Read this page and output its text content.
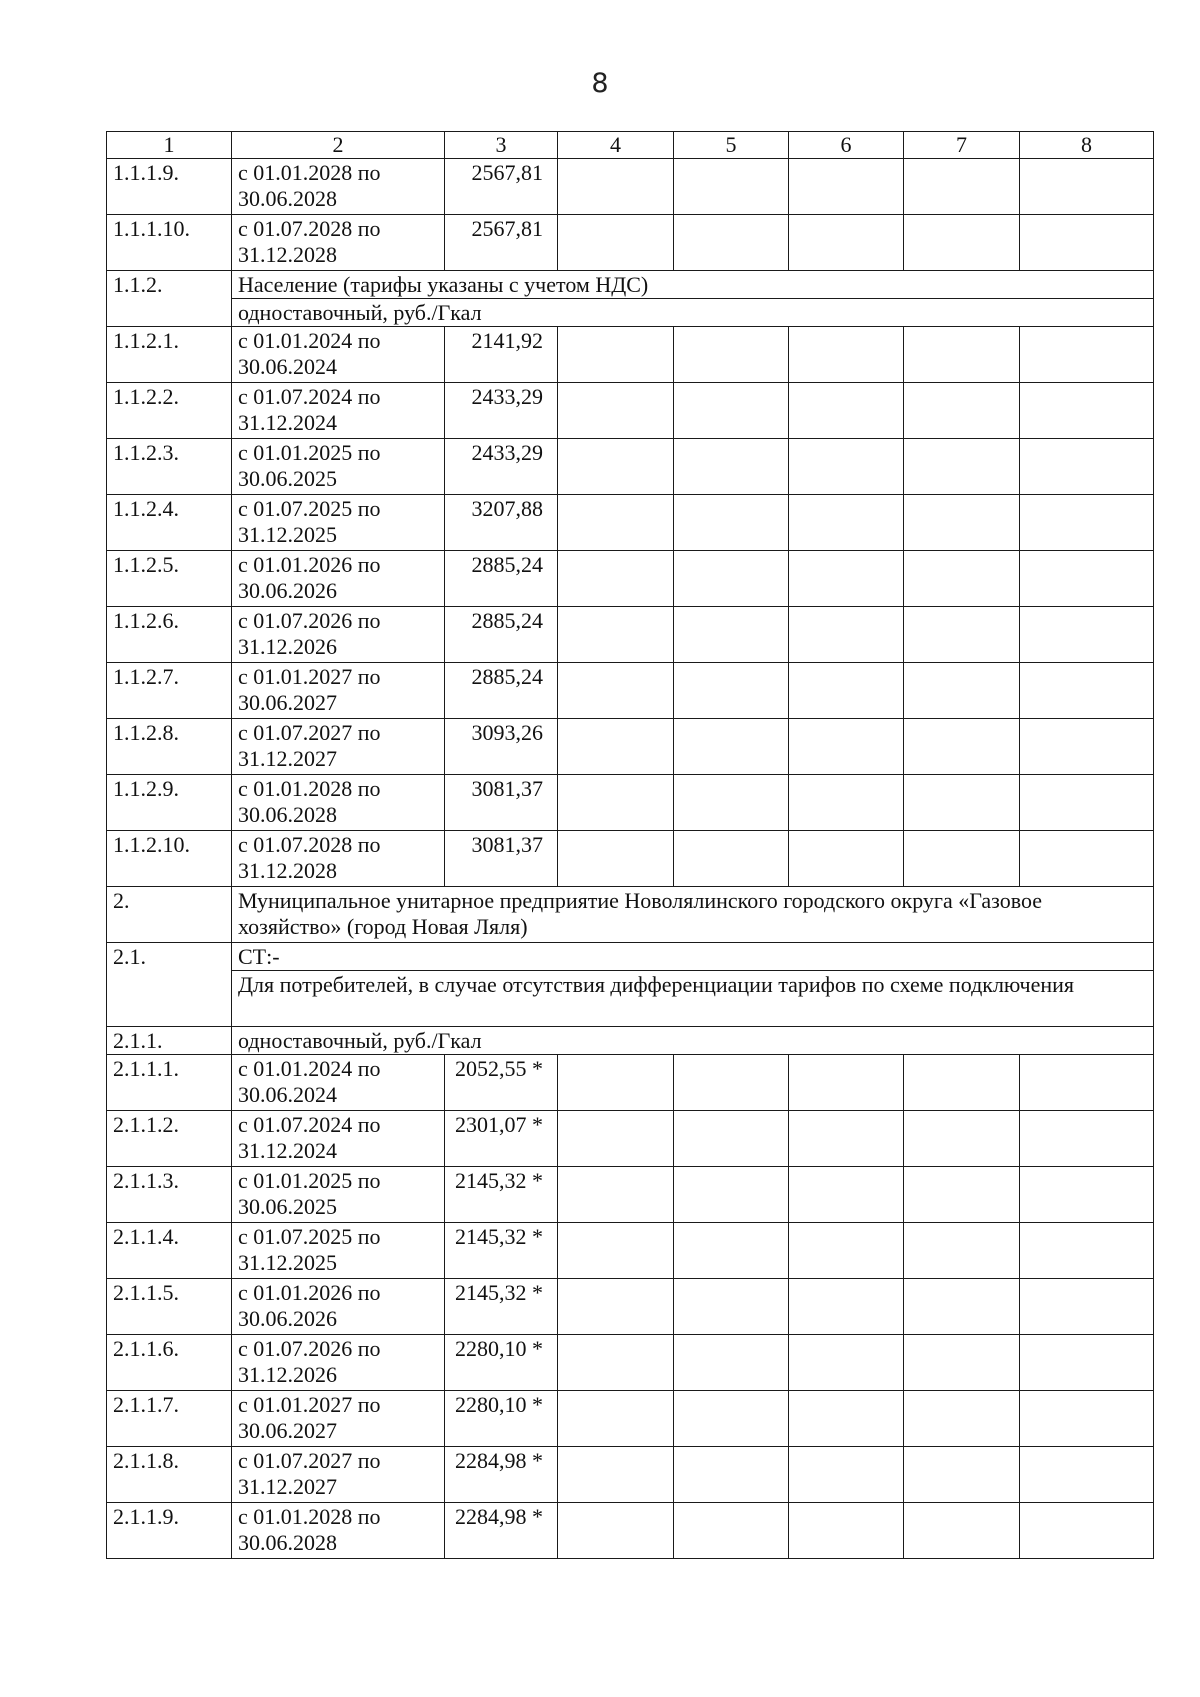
8
1	2	3	4	5	6	7	8
1.1.1.9.	с 01.01.2028 по 30.06.2028	2567,81					
1.1.1.10.	с 01.07.2028 по 31.12.2028	2567,81					
1.1.2.	Население (тарифы указаны с учетом НДС)						
	одноставочный, руб./Гкал						
1.1.2.1.	с 01.01.2024 по 30.06.2024	2141,92					
1.1.2.2.	с 01.07.2024 по 31.12.2024	2433,29					
1.1.2.3.	с 01.01.2025 по 30.06.2025	2433,29					
1.1.2.4.	с 01.07.2025 по 31.12.2025	3207,88					
1.1.2.5.	с 01.01.2026 по 30.06.2026	2885,24					
1.1.2.6.	с 01.07.2026 по 31.12.2026	2885,24					
1.1.2.7.	с 01.01.2027 по 30.06.2027	2885,24					
1.1.2.8.	с 01.07.2027 по 31.12.2027	3093,26					
1.1.2.9.	с 01.01.2028 по 30.06.2028	3081,37					
1.1.2.10.	с 01.07.2028 по 31.12.2028	3081,37					
2.	Муниципальное унитарное предприятие Новолялинского городского округа «Газовое хозяйство» (город Новая Ляля)						
2.1.	СТ:-						
	Для потребителей, в случае отсутствия дифференциации тарифов по схеме подключения						
2.1.1.	одноставочный, руб./Гкал						
2.1.1.1.	с 01.01.2024 по 30.06.2024	2052,55 *					
2.1.1.2.	с 01.07.2024 по 31.12.2024	2301,07 *					
2.1.1.3.	с 01.01.2025 по 30.06.2025	2145,32 *					
2.1.1.4.	с 01.07.2025 по 31.12.2025	2145,32 *					
2.1.1.5.	с 01.01.2026 по 30.06.2026	2145,32 *					
2.1.1.6.	с 01.07.2026 по 31.12.2026	2280,10 *					
2.1.1.7.	с 01.01.2027 по 30.06.2027	2280,10 *					
2.1.1.8.	с 01.07.2027 по 31.12.2027	2284,98 *					
2.1.1.9.	с 01.01.2028 по 30.06.2028	2284,98 *					
